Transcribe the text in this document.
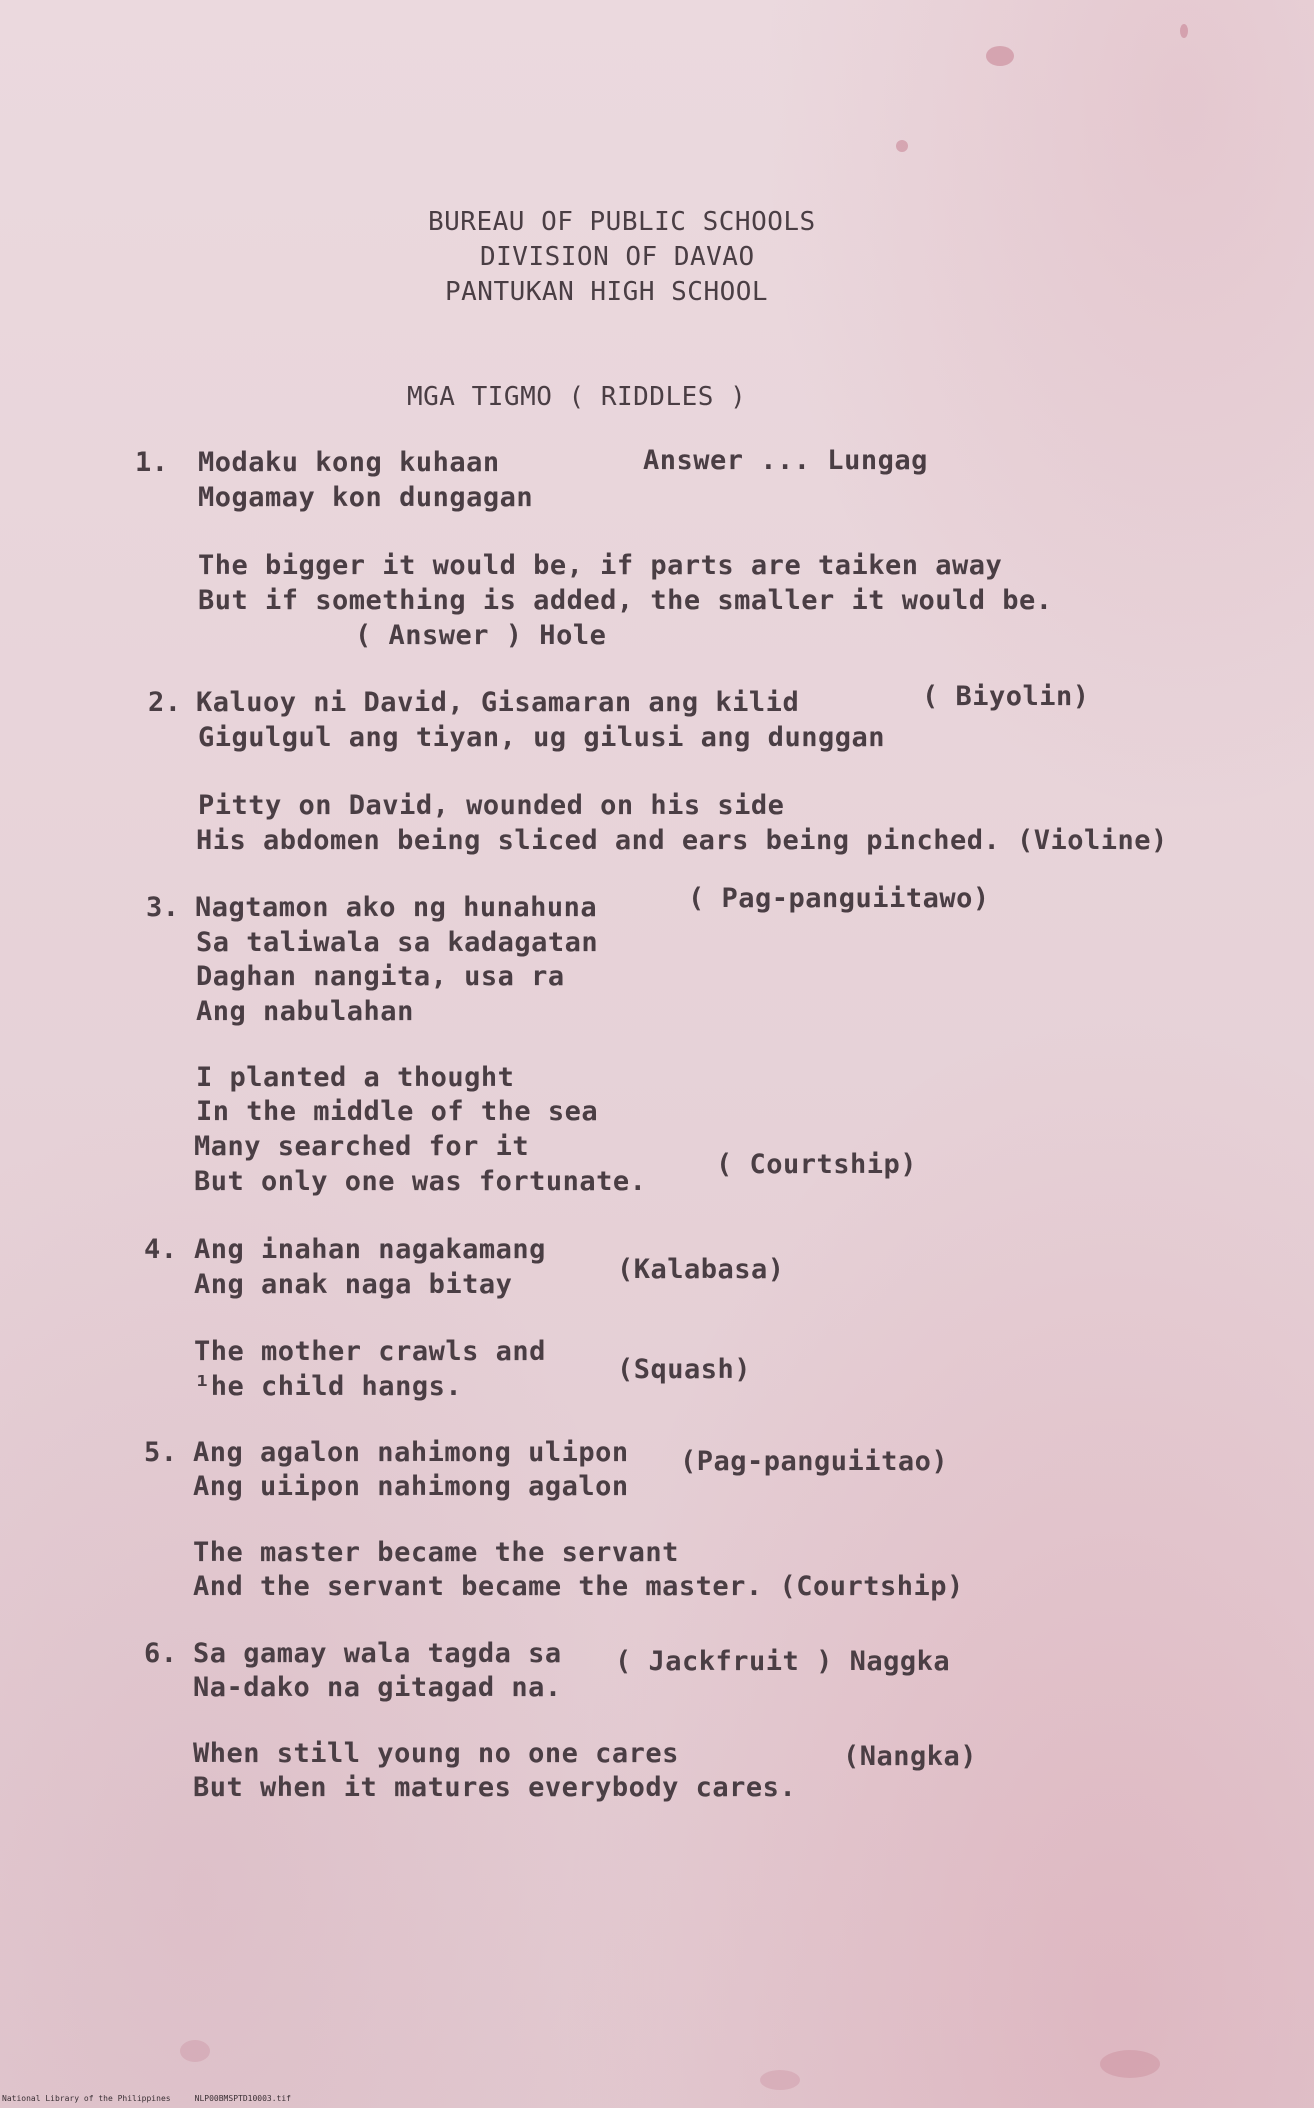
BUREAU OF PUBLIC SCHOOLS
DIVISION OF DAVAO
PANTUKAN HIGH SCHOOL
MGA TIGMO ( RIDDLES )
1. Modaku kong kuhaan	Answer ... Lungag
Mogamay kon dungagan
The bigger it would be, if parts are taiken away
But if something is added, the smaller it would be.
( Answer ) Hole
2. Kaluoy ni David, Gisamaran ang kilid	( Biyolin)
Gigulgul ang tiyan, ug gilusi ang dunggan
Pitty on David, wounded on his side
His abdomen being sliced and ears being pinched. (Violine)
3. Nagtamon ako ng hunahuna	( Pag-panguiitawo)
Sa taliwala sa kadagatan
Daghan nangita, usa ra
Ang nabulahan
I planted a thought
In the middle of the sea
Many searched for it
But only one was fortunate.
( Courtship)
4. Ang inahan nagakamang
Ang anak naga bitay	(Kalabasa)
The mother crawls and
¹he child hangs.
(Squash)
5. Ang agalon nahimong ulipon
Ang uiipon nahimong agalon
(Pag-panguiitao)
The master became the servant
And the servant became the master. (Courtship)
6. Sa gamay wala tagda sa
Na-dako na gitagad na.
( Jackfruit ) Naggka
When still young no one cares
But when it matures everybody cares.
(Nangka)
National Library of the Philippines     NLP00BMSPTD10003.tif
